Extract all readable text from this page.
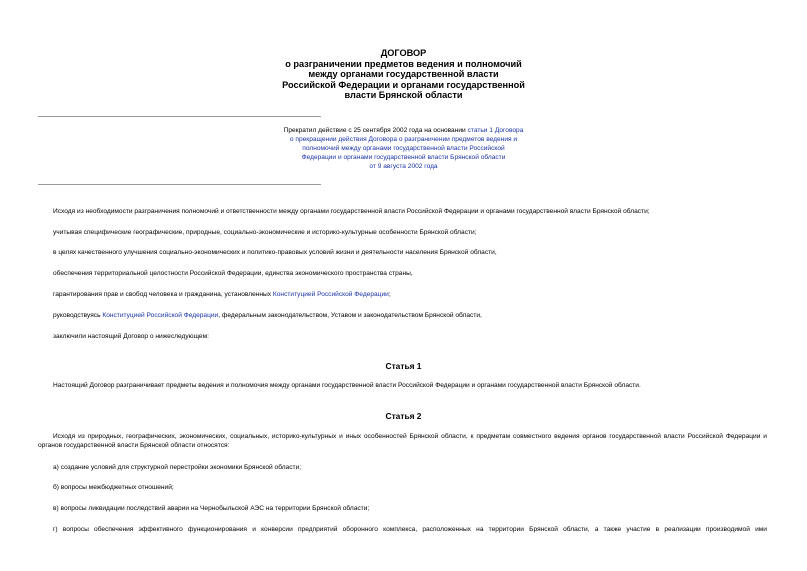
ДОГОВОР
о разграничении предметов ведения и полномочий
между органами государственной власти
Российской Федерации и органами государственной
власти Брянской области
Прекратил действие с 25 сентября 2002 года на основании статьи 1 Договора
о прекращении действия Договора о разграничении предметов ведения и
полномочий между органами государственной власти Российской
Федерации и органами государственной власти Брянской области
от 9 августа 2002 года
Исходя из необходимости разграничения полномочий и ответственности между органами государственной власти Российской Федерации и органами государственной власти Брянской области;
учитывая специфические географические, природные, социально-экономические и историко-культурные особенности Брянской области;
в целях качественного улучшения социально-экономических и политико-правовых условий жизни и деятельности населения Брянской области,
обеспечения территориальной целостности Российской Федерации, единства экономического пространства страны,
гарантирования прав и свобод человека и гражданина, установленных Конституцией Российской Федерации;
руководствуясь Конституцией Российской Федерации, федеральным законодательством, Уставом и законодательством Брянской области,
заключили настоящий Договор о нижеследующем:
Статья 1
Настоящий Договор разграничивает предметы ведения и полномочия между органами государственной власти Российской Федерации и органами государственной власти Брянской области.
Статья 2
Исходя из природных, географических, экономических, социальных, историко-культурных и иных особенностей Брянской области, к предметам совместного ведения органов государственной власти Российской Федерации и органов государственной власти Брянской области относятся:
а) создание условий для структурной перестройки экономики Брянской области;
б) вопросы межбюджетных отношений;
в) вопросы ликвидации последствий аварии на Чернобыльской АЭС на территории Брянской области;
г) вопросы обеспечения эффективного функционирования и конверсии предприятий оборонного комплекса, расположенных на территории Брянской области, а также участие в реализации производимой ими
